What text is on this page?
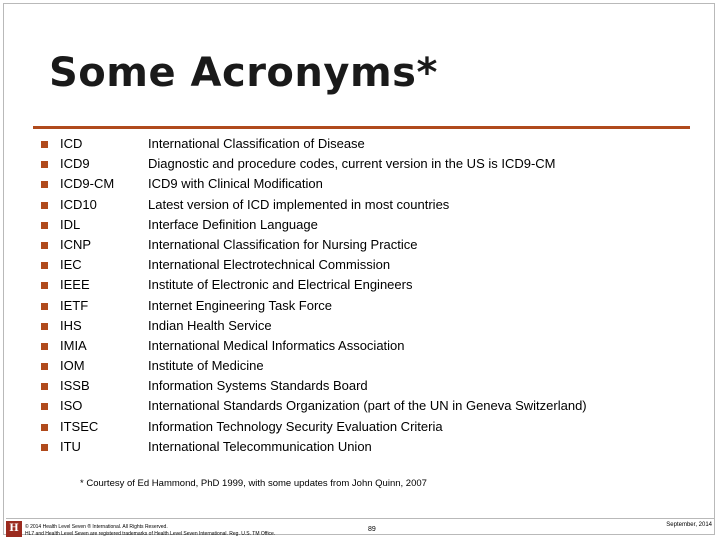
Some Acronyms*
ICD	International Classification of Disease
ICD9	Diagnostic and procedure codes, current version in the US is ICD9-CM
ICD9-CM	ICD9 with Clinical Modification
ICD10	Latest version of ICD implemented in most countries
IDL	Interface Definition Language
ICNP	International Classification for Nursing Practice
IEC	International Electrotechnical Commission
IEEE	Institute of Electronic and Electrical Engineers
IETF	Internet Engineering Task Force
IHS	Indian Health Service
IMIA	International Medical Informatics Association
IOM	Institute of Medicine
ISSB	Information Systems Standards Board
ISO	International Standards Organization (part of the UN in Geneva Switzerland)
ITSEC	Information Technology Security Evaluation Criteria
ITU	International Telecommunication Union
* Courtesy of Ed Hammond, PhD 1999, with some updates from John Quinn, 2007
H	© 2014 Health Level Seven ® International. All Rights Reserved.
HL7 and Health Level Seven are registered trademarks of Health Level Seven International. Reg. U.S. TM Office.
89
September, 2014
